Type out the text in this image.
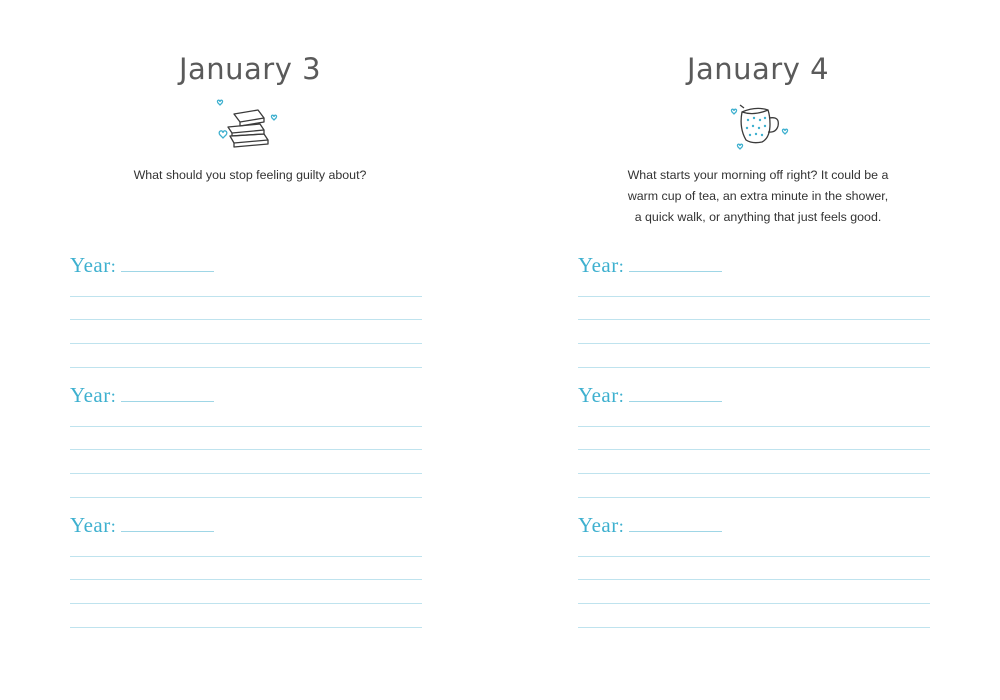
January 3
What should you stop feeling guilty about?
Year:
Year:
Year:
January 4
What starts your morning off right? It could be a
warm cup of tea, an extra minute in the shower,
a quick walk, or anything that just feels good.
Year:
Year:
Year:
